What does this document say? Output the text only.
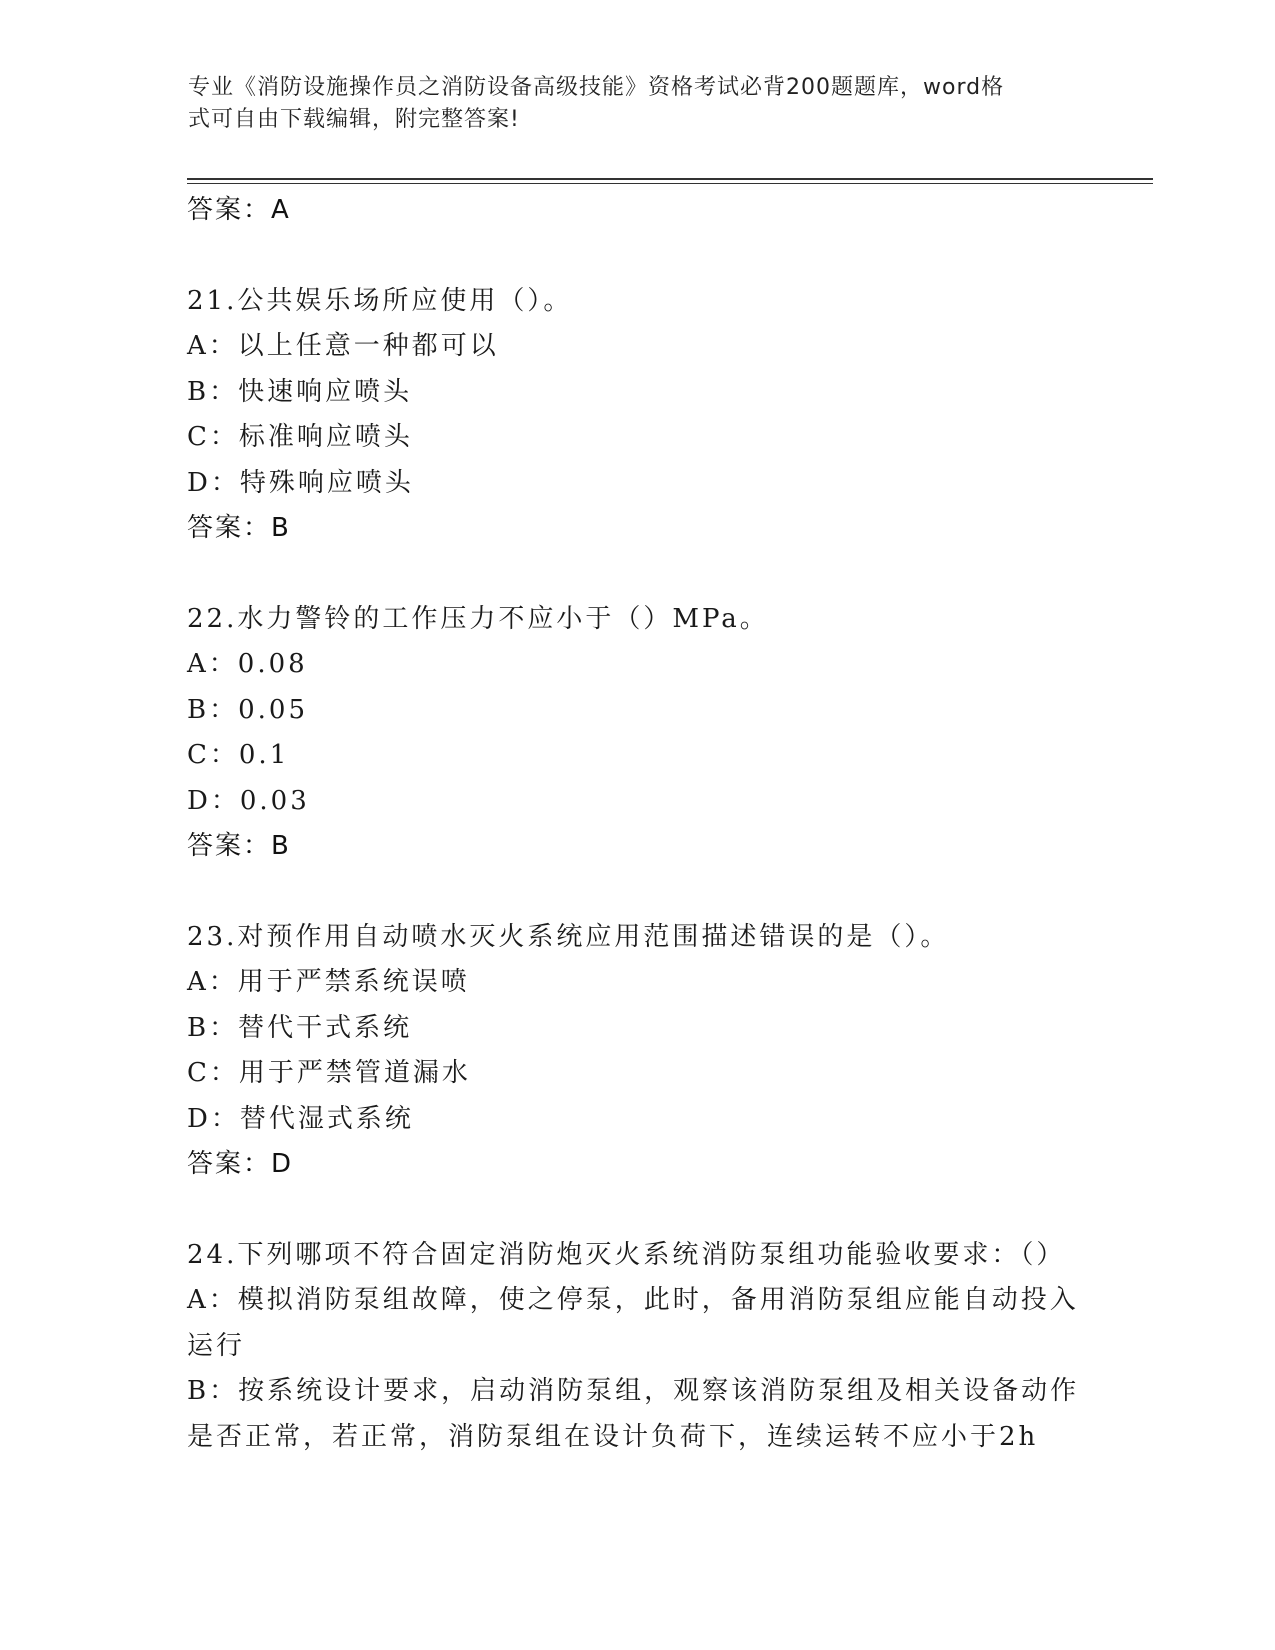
专业《消防设施操作员之消防设备高级技能》资格考试必背200题题库，word格
式可自由下载编辑，附完整答案!
答案：A
21.公共娱乐场所应使用（）。
A：以上任意一种都可以
B：快速响应喷头
C：标准响应喷头
D：特殊响应喷头
答案：B
22.水力警铃的工作压力不应小于（）MPa。
A：0.08
B：0.05
C：0.1
D：0.03
答案：B
23.对预作用自动喷水灭火系统应用范围描述错误的是（）。
A：用于严禁系统误喷
B：替代干式系统
C：用于严禁管道漏水
D：替代湿式系统
答案：D
24.下列哪项不符合固定消防炮灭火系统消防泵组功能验收要求：（）
A：模拟消防泵组故障，使之停泵，此时，备用消防泵组应能自动投入
运行
B：按系统设计要求，启动消防泵组，观察该消防泵组及相关设备动作
是否正常，若正常，消防泵组在设计负荷下，连续运转不应小于2h
